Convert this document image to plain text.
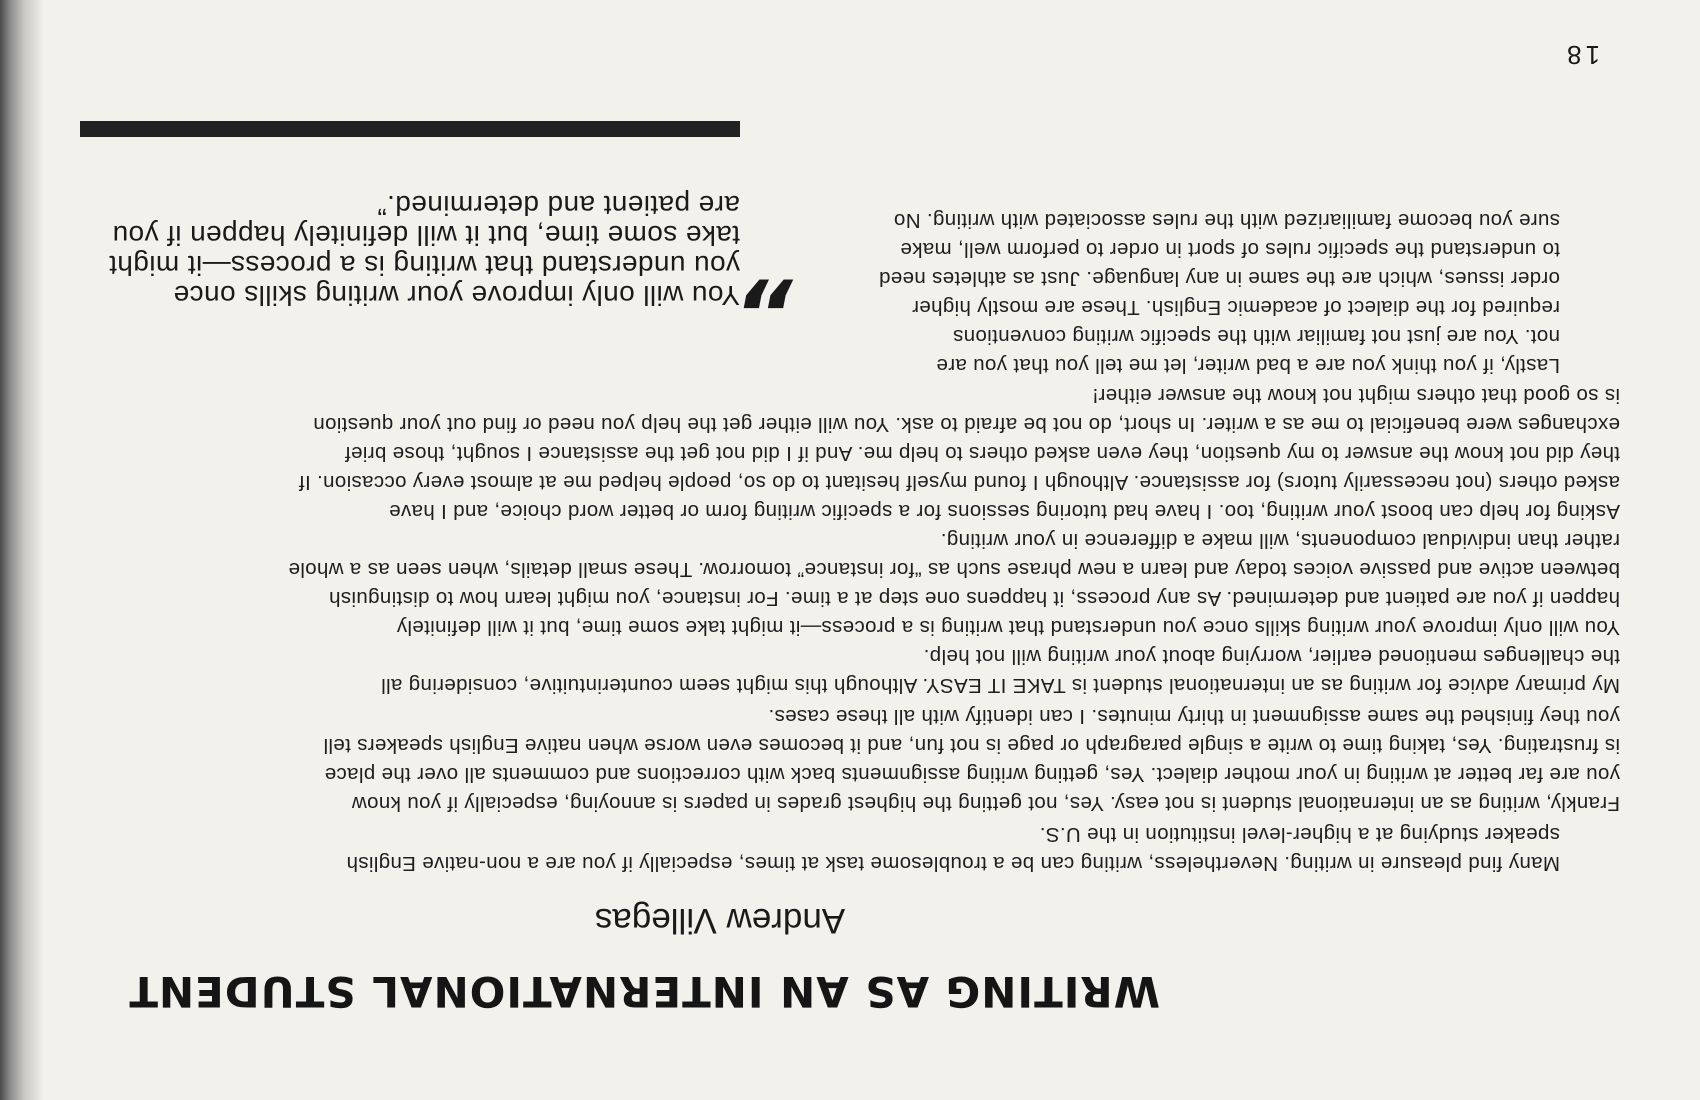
WRITING AS AN INTERNATIONAL STUDENT
Andrew Villegas
Many find pleasure in writing. Nevertheless, writing can be a troublesome task at times, especially if you are a non-native English
speaker studying at a higher-level institution in the U.S.
Frankly, writing as an international student is not easy. Yes, not getting the highest grades in papers is annoying, especially if you know
you are far better at writing in your mother dialect. Yes, getting writing assignments back with corrections and comments all over the place
is frustrating. Yes, taking time to write a single paragraph or page is not fun, and it becomes even worse when native English speakers tell
you they finished the same assignment in thirty minutes. I can identify with all these cases.
My primary advice for writing as an international student is TAKE IT EASY. Although this might seem counterintuitive, considering all
the challenges mentioned earlier, worrying about your writing will not help.
You will only improve your writing skills once you understand that writing is a process—it might take some time, but it will definitely
happen if you are patient and determined. As any process, it happens one step at a time. For instance, you might learn how to distinguish
between active and passive voices today and learn a new phrase such as “for instance” tomorrow. These small details, when seen as a whole
rather than individual components, will make a difference in your writing.
Asking for help can boost your writing, too. I have had tutoring sessions for a specific writing form or better word choice, and I have
asked others (not necessarily tutors) for assistance. Although I found myself hesitant to do so, people helped me at almost every occasion. If
they did not know the answer to my question, they even asked others to help me. And if I did not get the assistance I sought, those brief
exchanges were beneficial to me as a writer. In short, do not be afraid to ask. You will either get the help you need or find out your question
is so good that others might not know the answer either!
Lastly, if you think you are a bad writer, let me tell you that you are
not. You are just not familiar with the specific writing conventions
required for the dialect of academic English. These are mostly higher
order issues, which are the same in any language. Just as athletes need
to understand the specific rules of sport in order to perform well, make
sure you become familiarized with the rules associated with writing. No
”
You will only improve your writing skills once
you understand that writing is a process—it might
take some time, but it will definitely happen if you
are patient and determined.”
18
